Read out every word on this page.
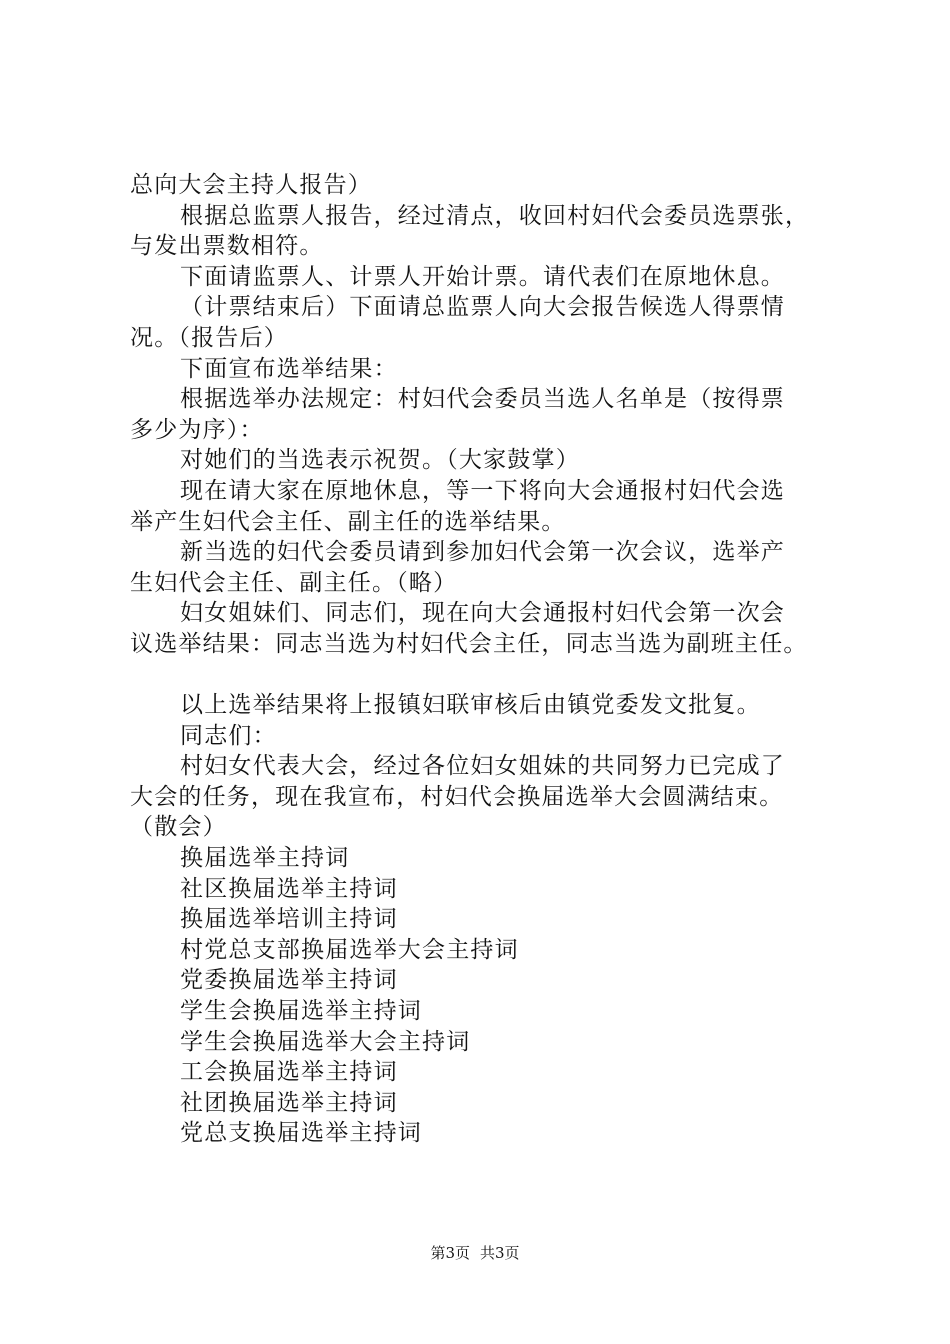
总向大会主持人报告）
根据总监票人报告，经过清点，收回村妇代会委员选票张，
与发出票数相符。
下面请监票人、计票人开始计票。请代表们在原地休息。
（计票结束后）下面请总监票人向大会报告候选人得票情
况。（报告后）
下面宣布选举结果：
根据选举办法规定：村妇代会委员当选人名单是（按得票
多少为序）：
对她们的当选表示祝贺。（大家鼓掌）
现在请大家在原地休息，等一下将向大会通报村妇代会选
举产生妇代会主任、副主任的选举结果。
新当选的妇代会委员请到参加妇代会第一次会议，选举产
生妇代会主任、副主任。（略）
妇女姐妹们、同志们，现在向大会通报村妇代会第一次会
议选举结果：同志当选为村妇代会主任，同志当选为副班主任。
以上选举结果将上报镇妇联审核后由镇党委发文批复。
同志们：
村妇女代表大会，经过各位妇女姐妹的共同努力已完成了
大会的任务，现在我宣布，村妇代会换届选举大会圆满结束。
（散会）
换届选举主持词
社区换届选举主持词
换届选举培训主持词
村党总支部换届选举大会主持词
党委换届选举主持词
学生会换届选举主持词
学生会换届选举大会主持词
工会换届选举主持词
社团换届选举主持词
党总支换届选举主持词
第3页 共3页
